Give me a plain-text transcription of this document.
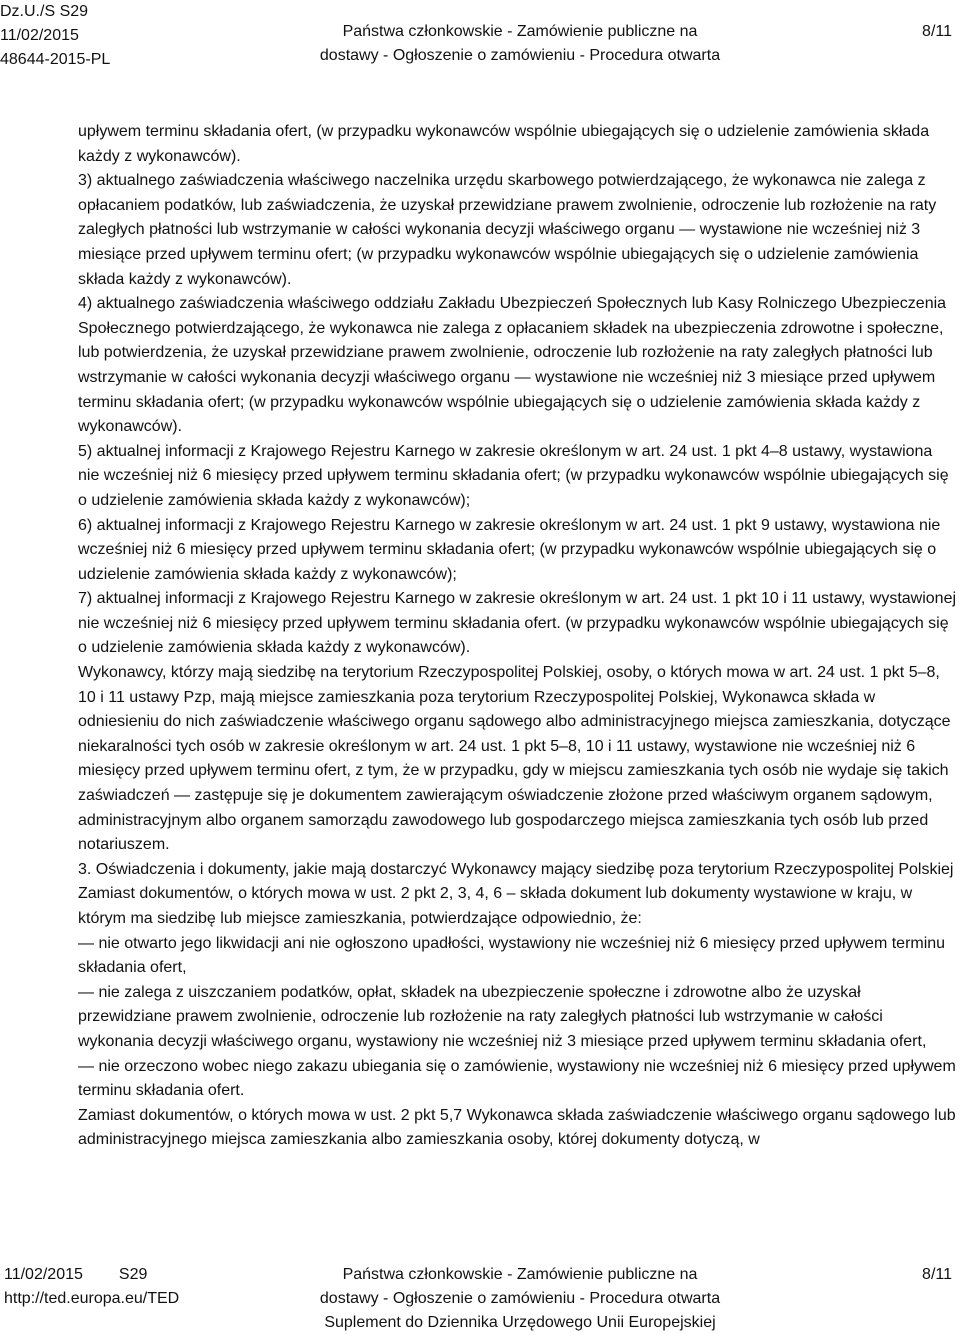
Dz.U./S S29
11/02/2015
48644-2015-PL
Państwa członkowskie - Zamówienie publiczne na
dostawy - Ogłoszenie o zamówieniu - Procedura otwarta
8/11

upływem terminu składania ofert, (w przypadku wykonawców wspólnie ubiegających się o udzielenie zamówienia składa każdy z wykonawców).

3) aktualnego zaświadczenia właściwego naczelnika urzędu skarbowego potwierdzającego, że wykonawca nie zalega z opłacaniem podatków, lub zaświadczenia, że uzyskał przewidziane prawem zwolnienie, odroczenie lub rozłożenie na raty zaległych płatności lub wstrzymanie w całości wykonania decyzji właściwego organu — wystawione nie wcześniej niż 3 miesiące przed upływem terminu ofert; (w przypadku wykonawców wspólnie ubiegających się o udzielenie zamówienia składa każdy z wykonawców).

4) aktualnego zaświadczenia właściwego oddziału Zakładu Ubezpieczeń Społecznych lub Kasy Rolniczego Ubezpieczenia Społecznego potwierdzającego, że wykonawca nie zalega z opłacaniem składek na ubezpieczenia zdrowotne i społeczne, lub potwierdzenia, że uzyskał przewidziane prawem zwolnienie, odroczenie lub rozłożenie na raty zaległych płatności lub wstrzymanie w całości wykonania decyzji właściwego organu — wystawione nie wcześniej niż 3 miesiące przed upływem terminu składania ofert; (w przypadku wykonawców wspólnie ubiegających się o udzielenie zamówienia składa każdy z wykonawców).

5) aktualnej informacji z Krajowego Rejestru Karnego w zakresie określonym w art. 24 ust. 1 pkt 4–8 ustawy, wystawiona nie wcześniej niż 6 miesięcy przed upływem terminu składania ofert; (w przypadku wykonawców wspólnie ubiegających się o udzielenie zamówienia składa każdy z wykonawców);

6) aktualnej informacji z Krajowego Rejestru Karnego w zakresie określonym w art. 24 ust. 1 pkt 9 ustawy, wystawiona nie wcześniej niż 6 miesięcy przed upływem terminu składania ofert; (w przypadku wykonawców wspólnie ubiegających się o udzielenie zamówienia składa każdy z wykonawców);

7) aktualnej informacji z Krajowego Rejestru Karnego w zakresie określonym w art. 24 ust. 1 pkt 10 i 11 ustawy, wystawionej nie wcześniej niż 6 miesięcy przed upływem terminu składania ofert. (w przypadku wykonawców wspólnie ubiegających się o udzielenie zamówienia składa każdy z wykonawców).

Wykonawcy, którzy mają siedzibę na terytorium Rzeczypospolitej Polskiej, osoby, o których mowa w art. 24 ust. 1 pkt 5–8, 10 i 11 ustawy Pzp, mają miejsce zamieszkania poza terytorium Rzeczypospolitej Polskiej, Wykonawca składa w odniesieniu do nich zaświadczenie właściwego organu sądowego albo administracyjnego miejsca zamieszkania, dotyczące niekaralności tych osób w zakresie określonym w art. 24 ust. 1 pkt 5–8, 10 i 11 ustawy, wystawione nie wcześniej niż 6 miesięcy przed upływem terminu ofert, z tym, że w przypadku, gdy w miejscu zamieszkania tych osób nie wydaje się takich zaświadczeń — zastępuje się je dokumentem zawierającym oświadczenie złożone przed właściwym organem sądowym, administracyjnym albo organem samorządu zawodowego lub gospodarczego miejsca zamieszkania tych osób lub przed notariuszem.

3. Oświadczenia i dokumenty, jakie mają dostarczyć Wykonawcy mający siedzibę poza terytorium Rzeczypospolitej Polskiej

Zamiast dokumentów, o których mowa w ust. 2 pkt 2, 3, 4, 6 – składa dokument lub dokumenty wystawione w kraju, w którym ma siedzibę lub miejsce zamieszkania, potwierdzające odpowiednio, że:

— nie otwarto jego likwidacji ani nie ogłoszono upadłości, wystawiony nie wcześniej niż 6 miesięcy przed upływem terminu składania ofert,

— nie zalega z uiszczaniem podatków, opłat, składek na ubezpieczenie społeczne i zdrowotne albo że uzyskał przewidziane prawem zwolnienie, odroczenie lub rozłożenie na raty zaległych płatności lub wstrzymanie w całości wykonania decyzji właściwego organu, wystawiony nie wcześniej niż 3 miesiące przed upływem terminu składania ofert,

— nie orzeczono wobec niego zakazu ubiegania się o zamówienie, wystawiony nie wcześniej niż 6 miesięcy przed upływem terminu składania ofert.

Zamiast dokumentów, o których mowa w ust. 2 pkt 5,7 Wykonawca składa zaświadczenie właściwego organu sądowego lub administracyjnego miejsca zamieszkania albo zamieszkania osoby, której dokumenty dotyczą, w

11/02/2015 S29
http://ted.europa.eu/TED
Państwa członkowskie - Zamówienie publiczne na
dostawy - Ogłoszenie o zamówieniu - Procedura otwarta
Suplement do Dziennika Urzędowego Unii Europejskiej
8/11
